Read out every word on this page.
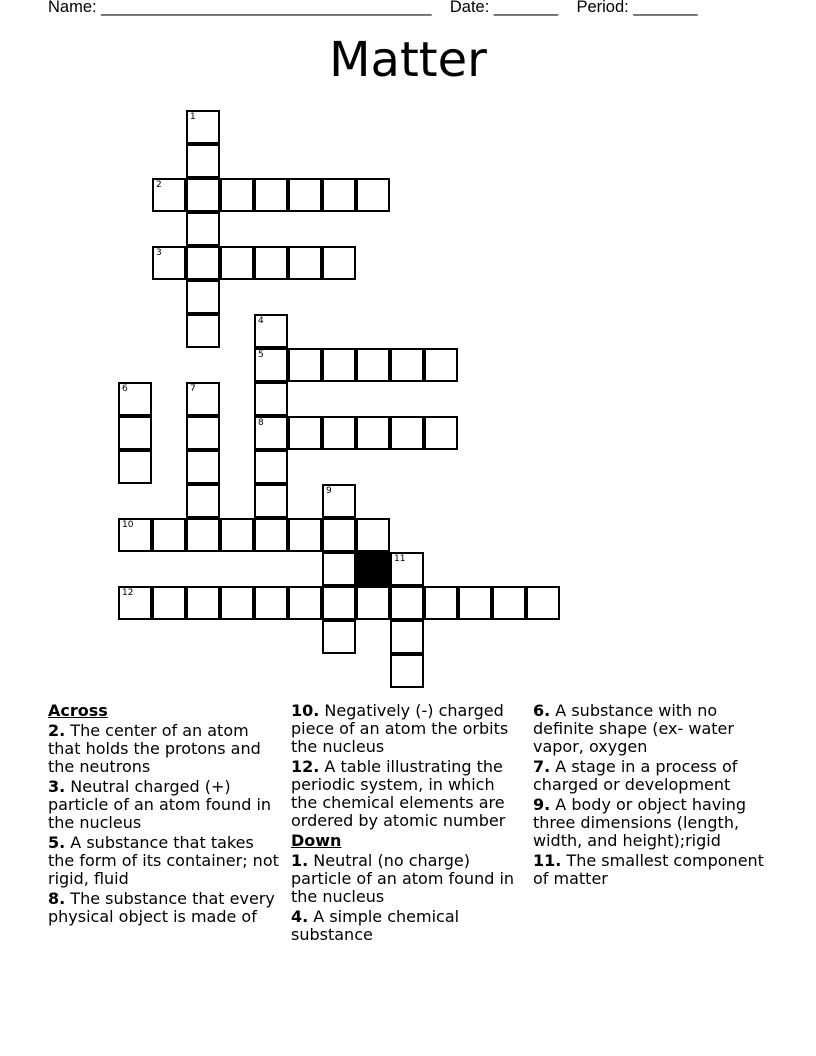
Name: ____________________________________    Date: _______    Period: _______
Matter
1
2
3
4
5
8
6	7
9
10
11
12
Across
2. The center of an atom that holds the protons and the neutrons
3. Neutral charged (+) particle of an atom found in the nucleus
5. A substance that takes the form of its container; not rigid, fluid
8. The substance that every physical object is made of
10. Negatively (-) charged piece of an atom the orbits the nucleus
12. A table illustrating the periodic system, in which the chemical elements are ordered by atomic number
Down
1. Neutral (no charge) particle of an atom found in the nucleus
4. A simple chemical substance
6. A substance with no definite shape (ex- water vapor, oxygen
7. A stage in a process of charged or development
9. A body or object having three dimensions (length, width, and height);rigid
11. The smallest component of matter
